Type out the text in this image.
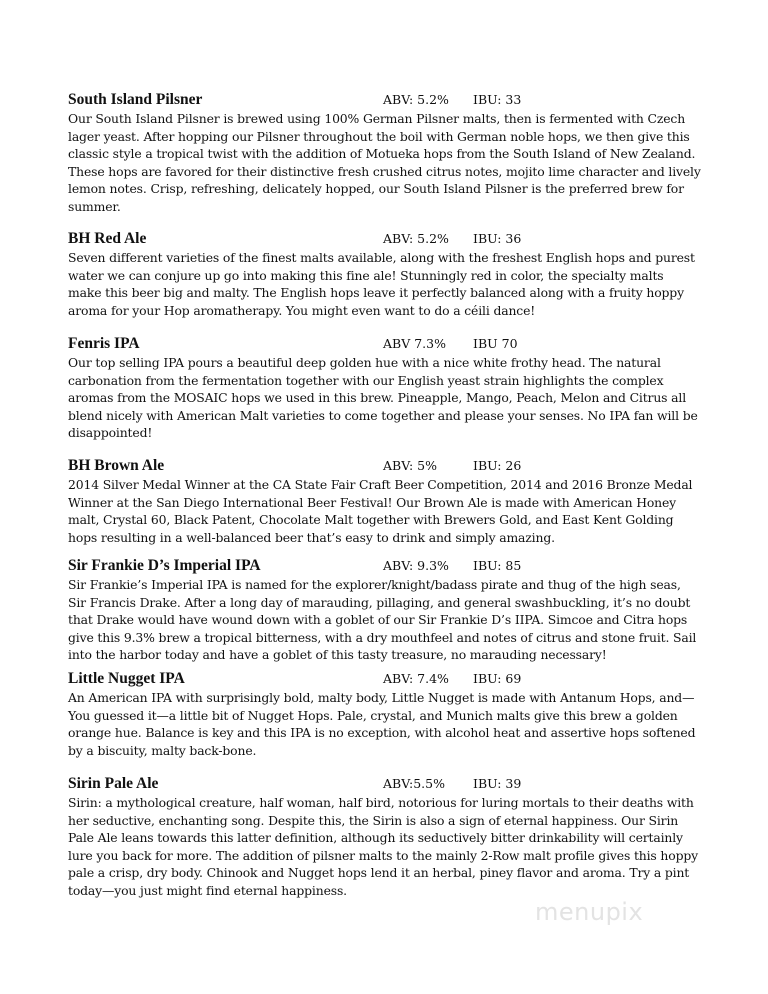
South Island Pilsner	ABV: 5.2% IBU: 33

Our South Island Pilsner is brewed using 100% German Pilsner malts, then is fermented with Czech
lager yeast. After hopping our Pilsner throughout the boil with German noble hops, we then give this
classic style a tropical twist with the addition of Motueka hops from the South Island of New Zealand.
These hops are favored for their distinctive fresh crushed citrus notes, mojito lime character and lively
lemon notes. Crisp, refreshing, delicately hopped, our South Island Pilsner is the preferred brew for
summer.

BH Red Ale	ABV: 5.2% IBU: 36

Seven different varieties of the finest malts available, along with the freshest English hops and purest
water we can conjure up go into making this fine ale! Stunningly red in color, the specialty malts
make this beer big and malty. The English hops leave it perfectly balanced along with a fruity hoppy
aroma for your Hop aromatherapy. You might even want to do a céili dance!

Fenris IPA	ABV 7.3% IBU 70

Our top selling IPA pours a beautiful deep golden hue with a nice white frothy head. The natural
carbonation from the fermentation together with our English yeast strain highlights the complex
aromas from the MOSAIC hops we used in this brew. Pineapple, Mango, Peach, Melon and Citrus all
blend nicely with American Malt varieties to come together and please your senses. No IPA fan will be
disappointed!

BH Brown Ale	ABV: 5%	IBU: 26

2014 Silver Medal Winner at the CA State Fair Craft Beer Competition, 2014 and 2016 Bronze Medal
Winner at the San Diego International Beer Festival! Our Brown Ale is made with American Honey
malt, Crystal 60, Black Patent, Chocolate Malt together with Brewers Gold, and East Kent Golding
hops resulting in a well-balanced beer that’s easy to drink and simply amazing.

Sir Frankie D’s Imperial IPA	ABV: 9.3% IBU: 85

Sir Frankie’s Imperial IPA is named for the explorer/knight/badass pirate and thug of the high seas,
Sir Francis Drake. After a long day of marauding, pillaging, and general swashbuckling, it’s no doubt
that Drake would have wound down with a goblet of our Sir Frankie D’s IIPA. Simcoe and Citra hops
give this 9.3% brew a tropical bitterness, with a dry mouthfeel and notes of citrus and stone fruit. Sail
into the harbor today and have a goblet of this tasty treasure, no marauding necessary!

Little Nugget IPA	ABV: 7.4% IBU: 69

An American IPA with surprisingly bold, malty body, Little Nugget is made with Antanum Hops, and—
You guessed it—a little bit of Nugget Hops. Pale, crystal, and Munich malts give this brew a golden
orange hue. Balance is key and this IPA is no exception, with alcohol heat and assertive hops softened
by a biscuity, malty back-bone.

Sirin Pale Ale	ABV:5.5% IBU: 39

Sirin: a mythological creature, half woman, half bird, notorious for luring mortals to their deaths with
her seductive, enchanting song. Despite this, the Sirin is also a sign of eternal happiness. Our Sirin
Pale Ale leans towards this latter definition, although its seductively bitter drinkability will certainly
lure you back for more. The addition of pilsner malts to the mainly 2-Row malt profile gives this hoppy
pale a crisp, dry body. Chinook and Nugget hops lend it an herbal, piney flavor and aroma. Try a pint
today—you just might find eternal happiness.

menupix
